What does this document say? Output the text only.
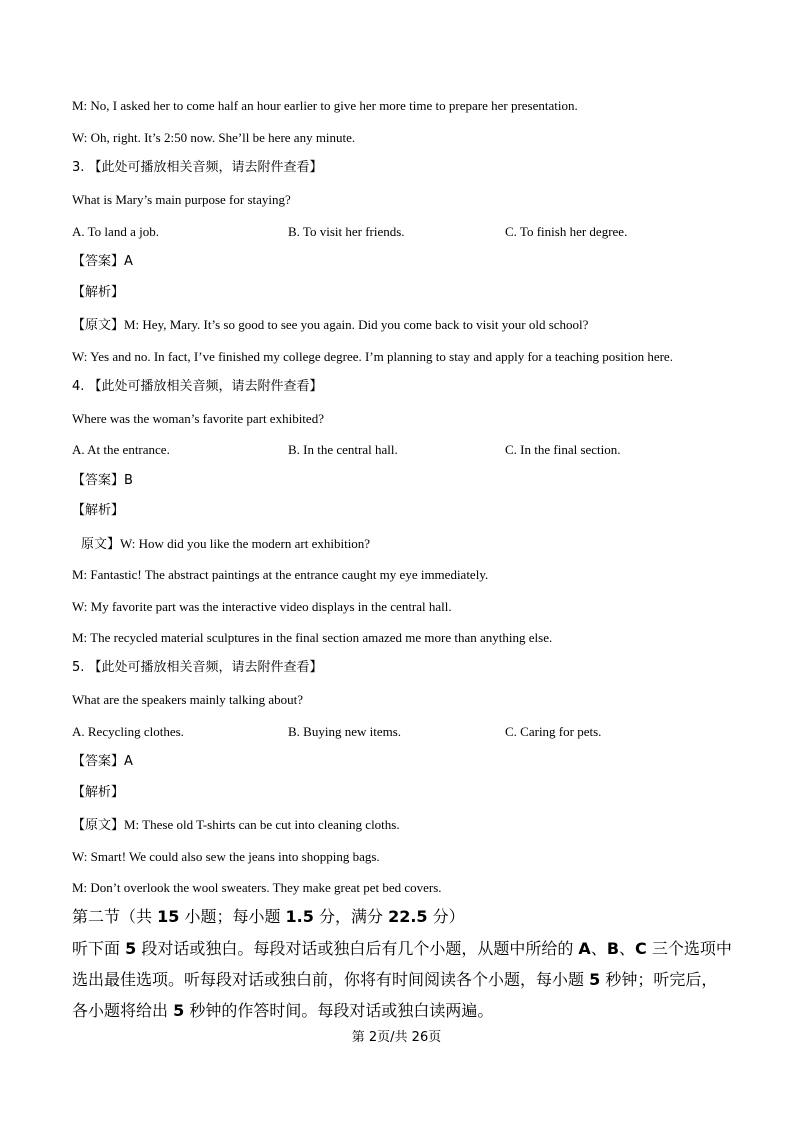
M: No, I asked her to come half an hour earlier to give her more time to prepare her presentation.
W: Oh, right. It’s 2:50 now. She’ll be here any minute.
3. 【此处可播放相关音频，请去附件查看】
What is Mary’s main purpose for staying?
A. To land a job.	B. To visit her friends.	C. To finish her degree.
【答案】A
【解析】
【原文】M: Hey, Mary. It’s so good to see you again. Did you come back to visit your old school?
W: Yes and no. In fact, I’ve finished my college degree. I’m planning to stay and apply for a teaching position here.
4. 【此处可播放相关音频，请去附件查看】
Where was the woman’s favorite part exhibited?
A. At the entrance.	B. In the central hall.	C. In the final section.
【答案】B
【解析】
原文】W: How did you like the modern art exhibition?
M: Fantastic! The abstract paintings at the entrance caught my eye immediately.
W: My favorite part was the interactive video displays in the central hall.
M: The recycled material sculptures in the final section amazed me more than anything else.
5. 【此处可播放相关音频，请去附件查看】
What are the speakers mainly talking about?
A. Recycling clothes.	B. Buying new items.	C. Caring for pets.
【答案】A
【解析】
【原文】M: These old T-shirts can be cut into cleaning cloths.
W: Smart! We could also sew the jeans into shopping bags.
M: Don’t overlook the wool sweaters. They make great pet bed covers.
第二节（共 15 小题；每小题 1.5 分，满分 22.5 分）
听下面 5 段对话或独白。每段对话或独白后有几个小题，从题中所给的 A、B、C 三个选项中
选出最佳选项。听每段对话或独白前，你将有时间阅读各个小题，每小题 5 秒钟；听完后，
各小题将给出 5 秒钟的作答时间。每段对话或独白读两遍。
第 2页/共 26页
